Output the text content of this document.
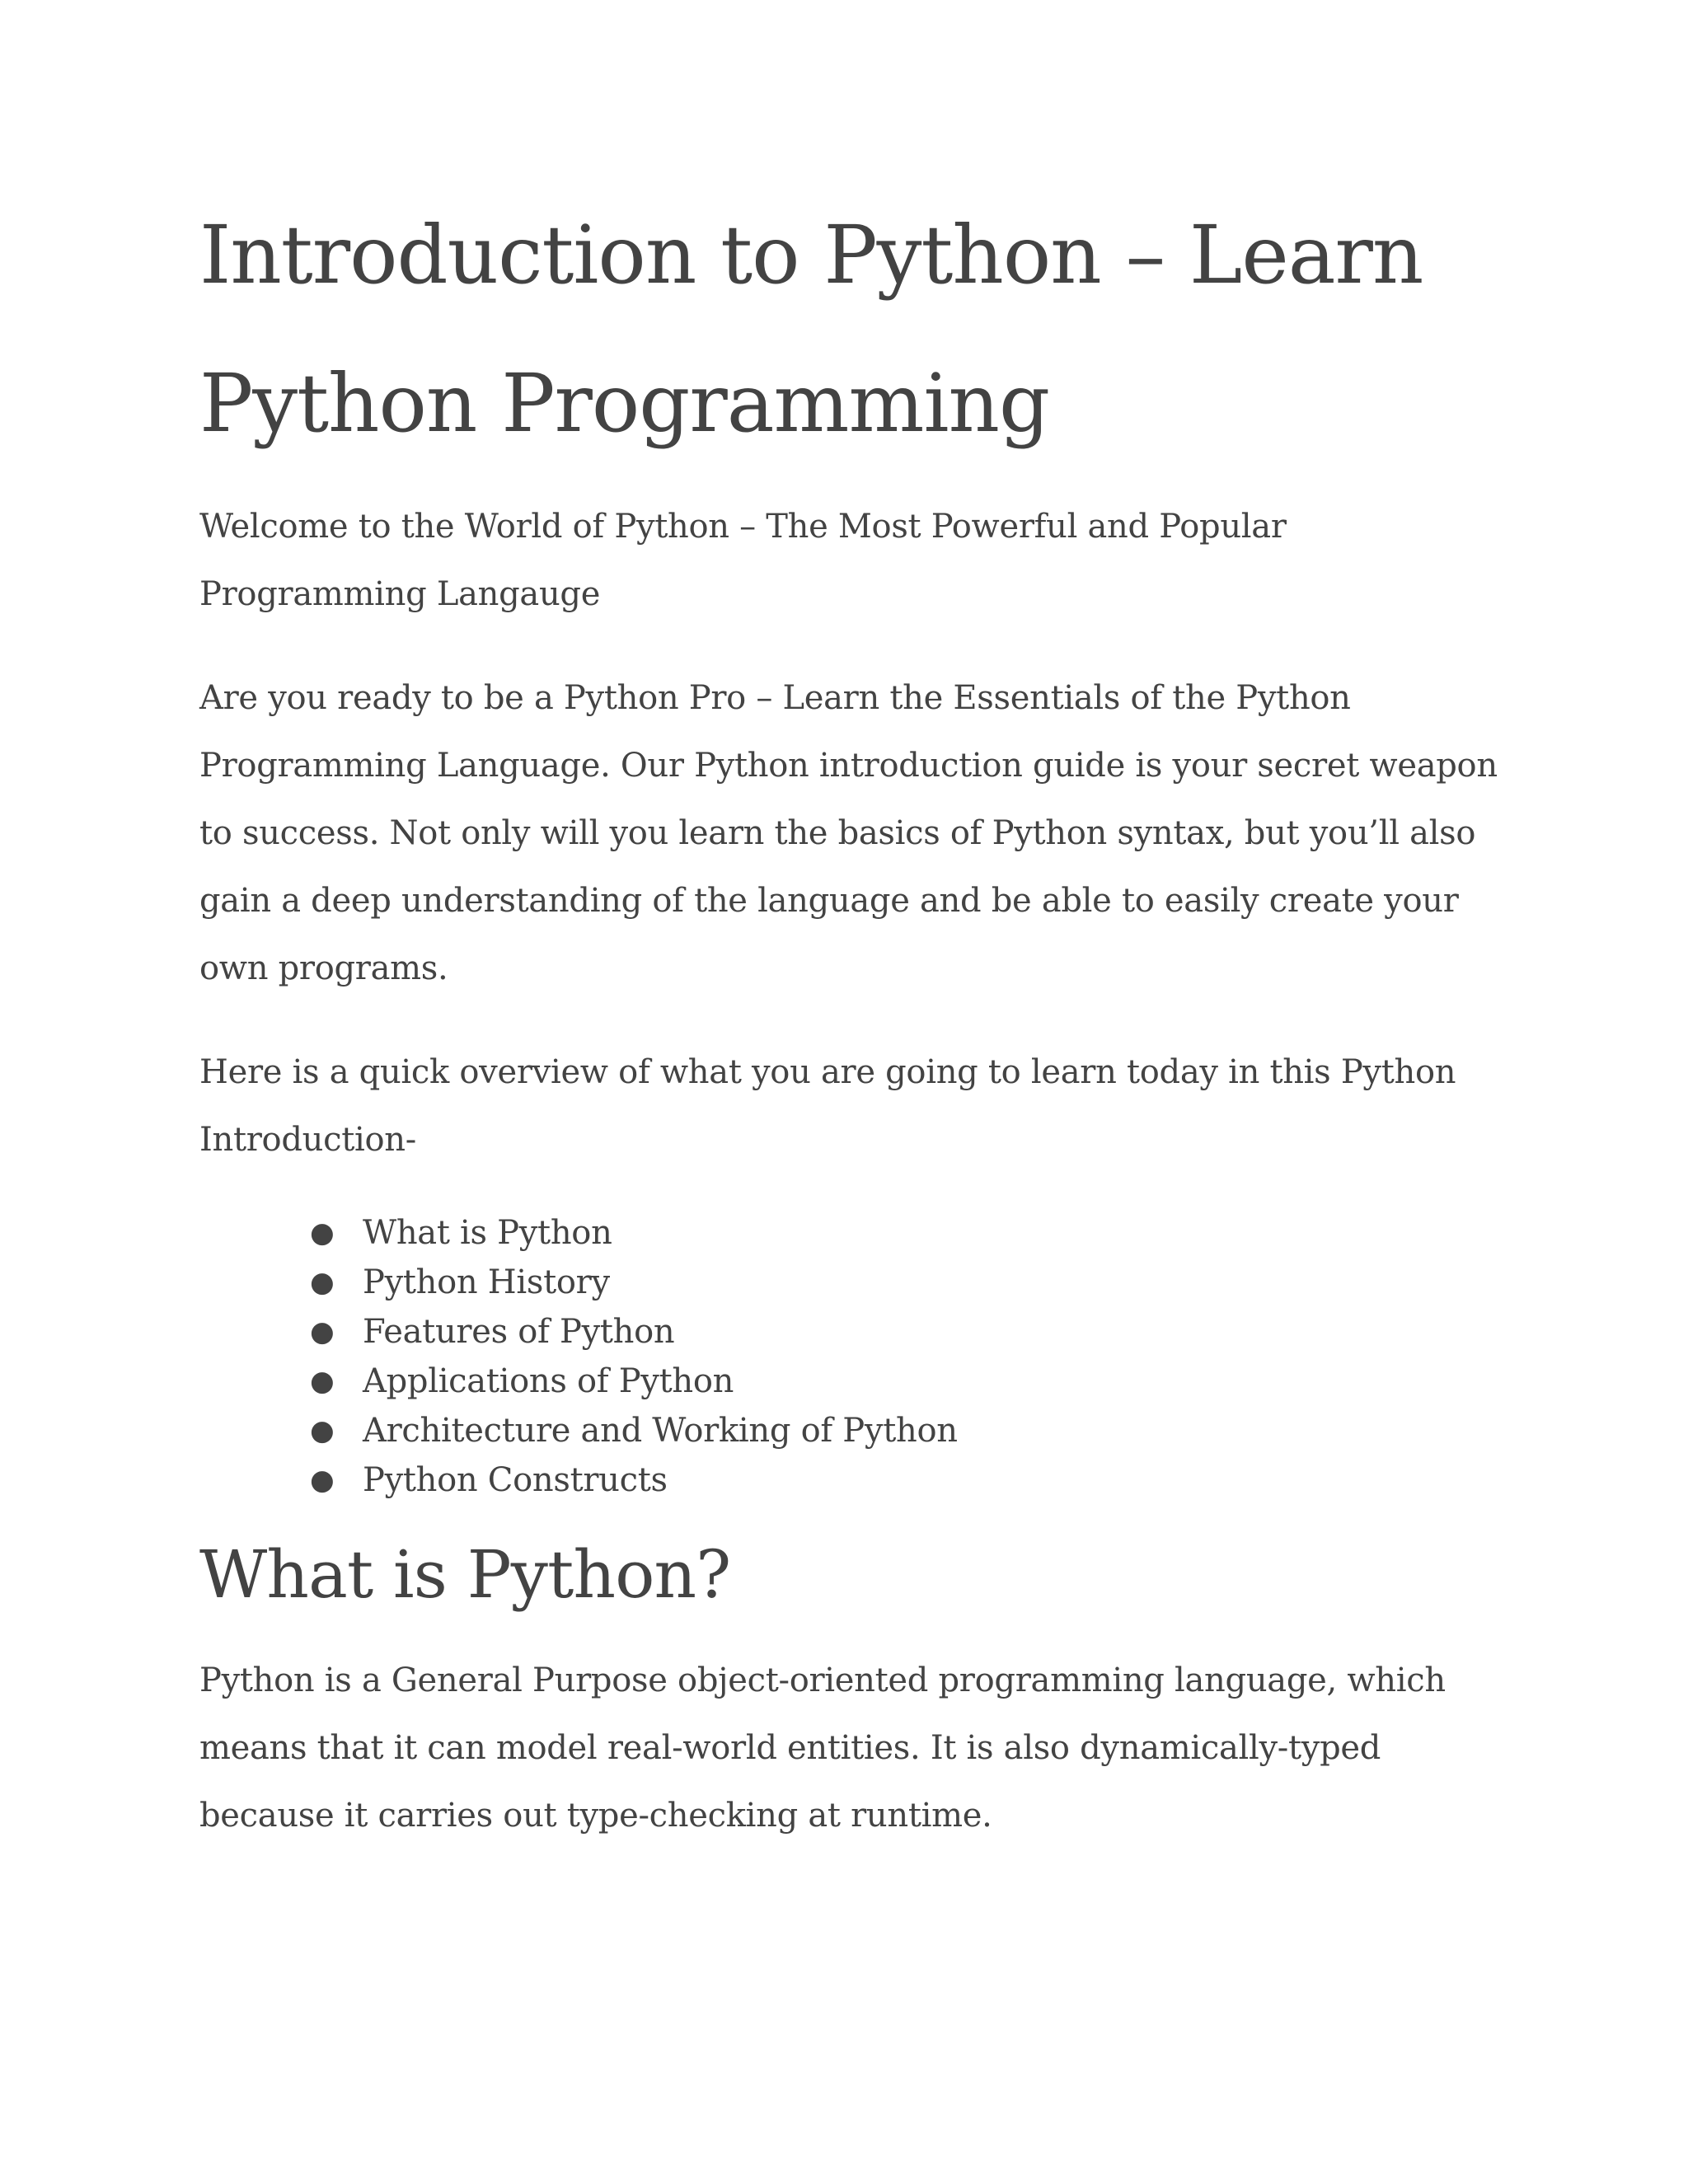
Introduction to Python – Learn Python Programming

Welcome to the World of Python – The Most Powerful and Popular Programming Langauge

Are you ready to be a Python Pro – Learn the Essentials of the Python Programming Language. Our Python introduction guide is your secret weapon to success. Not only will you learn the basics of Python syntax, but you’ll also gain a deep understanding of the language and be able to easily create your own programs.

Here is a quick overview of what you are going to learn today in this Python Introduction-

● What is Python
● Python History
● Features of Python
● Applications of Python
● Architecture and Working of Python
● Python Constructs
What is Python?

Python is a General Purpose object-oriented programming language, which means that it can model real-world entities. It is also dynamically-typed because it carries out type-checking at runtime.
